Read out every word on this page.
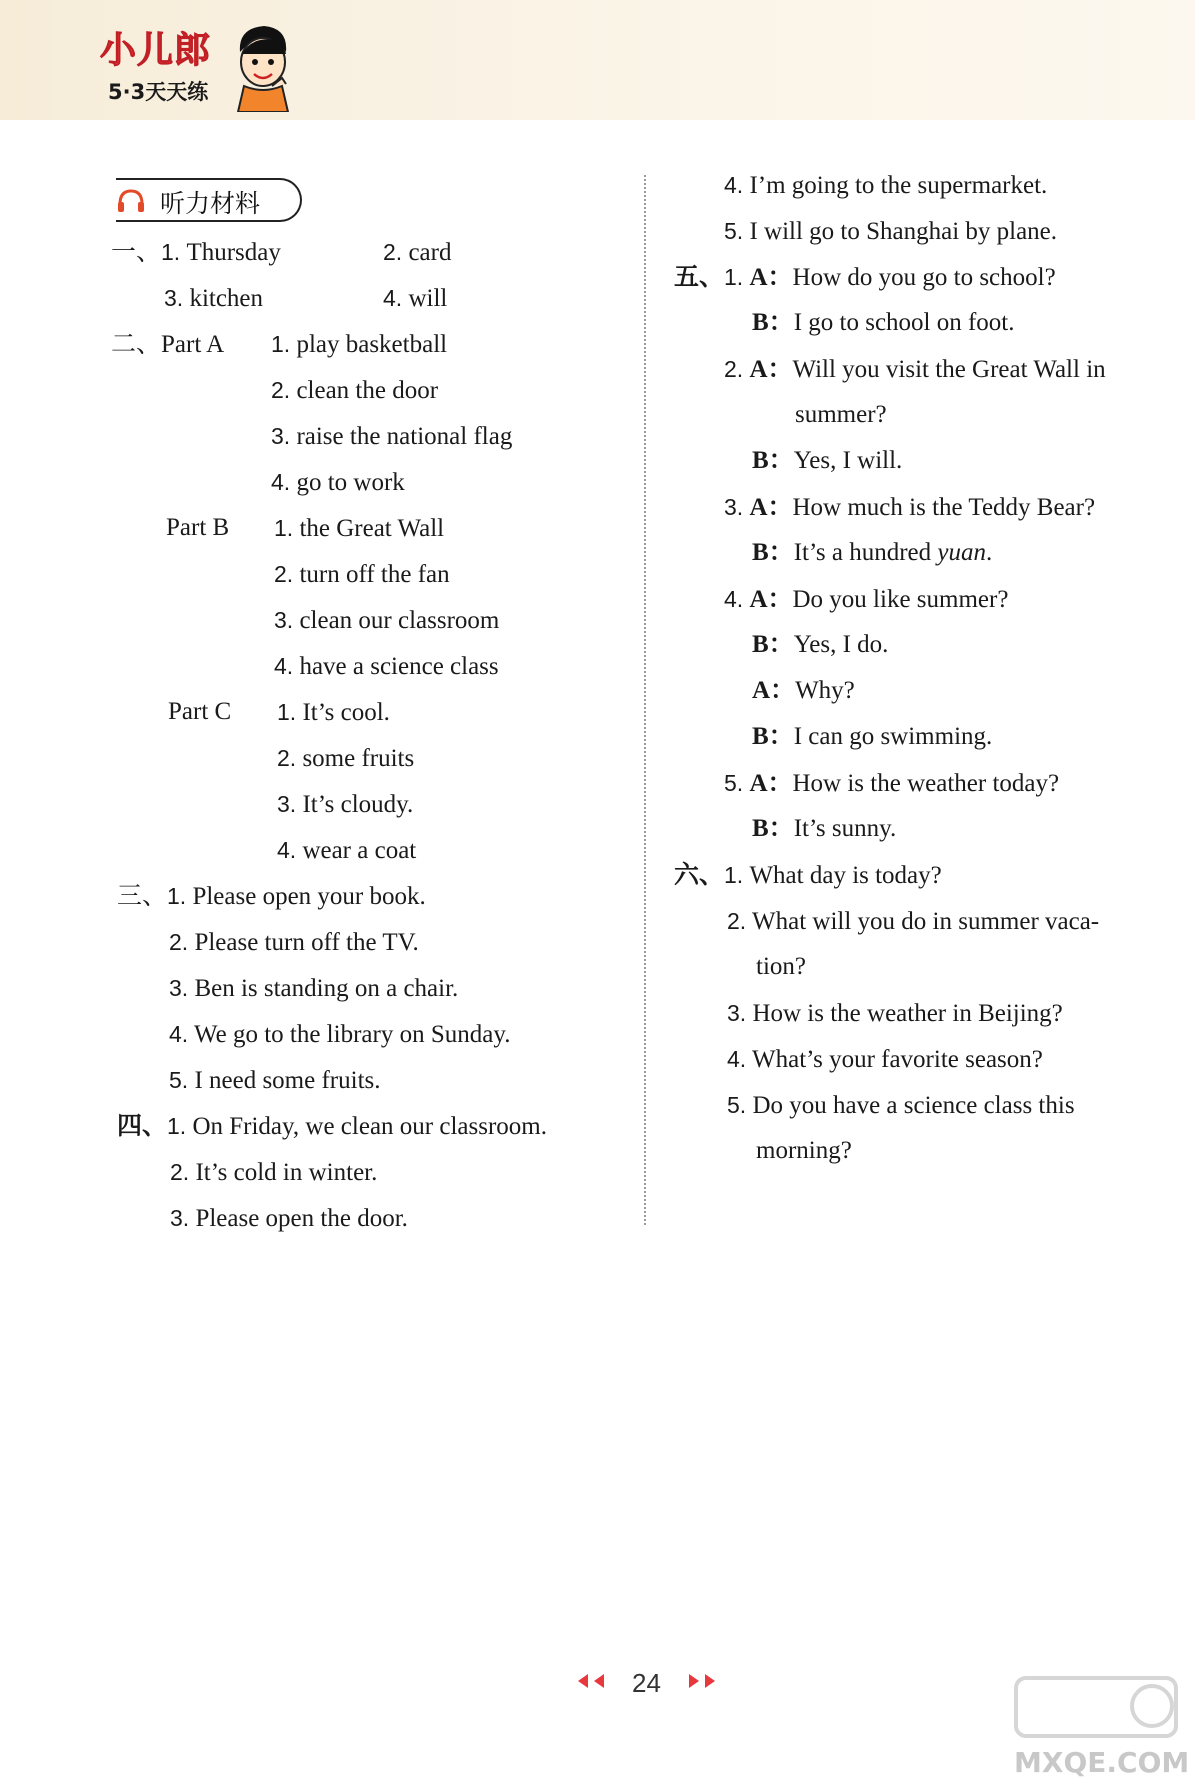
小儿郎
5·3天天练
听力材料
一、1. Thursday	2. card
3. kitchen	4. will
二、Part A 1. play basketball
2. clean the door
3. raise the national flag
4. go to work
Part B 1. the Great Wall
2. turn off the fan
3. clean our classroom
4. have a science class
Part C 1. It’s cool.
2. some fruits
3. It’s cloudy.
4. wear a coat
三、1. Please open your book.
2. Please turn off the TV.
3. Ben is standing on a chair.
4. We go to the library on Sunday.
5. I need some fruits.
四、1. On Friday, we clean our classroom.
2. It’s cold in winter.
3. Please open the door.
4. I’m going to the supermarket.
5. I will go to Shanghai by plane.
五、1. A：How do you go to school?
B：I go to school on foot.
2. A：Will you visit the Great Wall in
summer?
B：Yes, I will.
3. A：How much is the Teddy Bear?
B：It’s a hundred yuan.
4. A：Do you like summer?
B：Yes, I do.
A：Why?
B：I can go swimming.
5. A：How is the weather today?
B：It’s sunny.
六、1. What day is today?
2. What will you do in summer vaca-
tion?
3. How is the weather in Beijing?
4. What’s your favorite season?
5. Do you have a science class this
morning?
24
MXQE.COM
